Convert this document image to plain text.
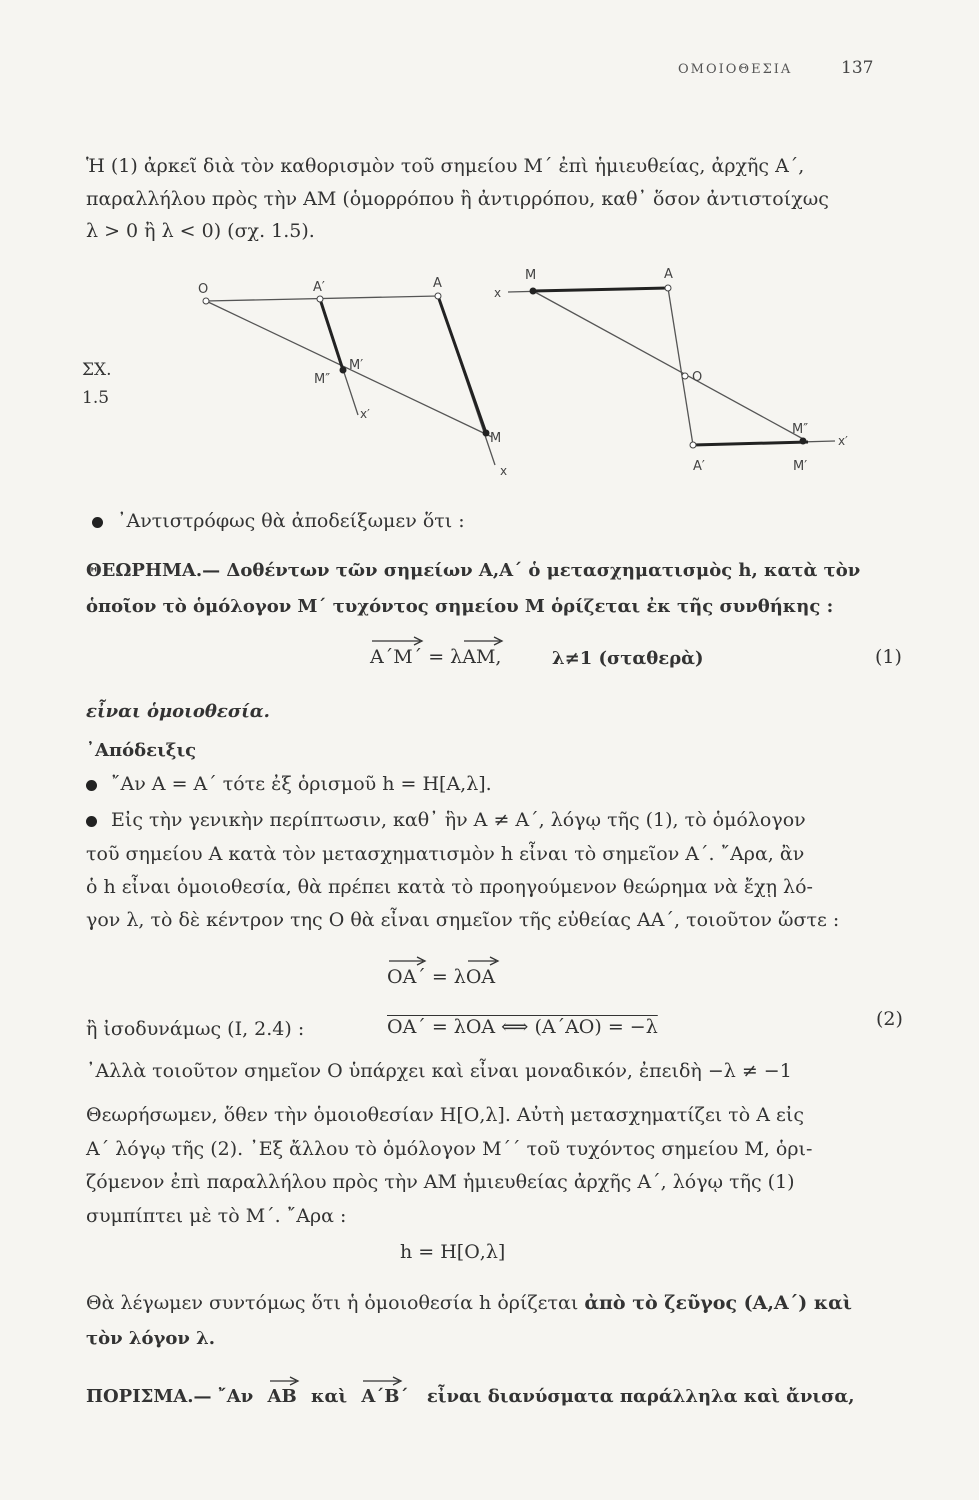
ΟΜΟΙΟΘΕΣΙΑ	137
Ἡ (1) ἀρκεῖ διὰ τὸν καθορισμὸν τοῦ σημείου Μ΄ ἐπὶ ἡμιευθείας, ἀρχῆς Α΄,
παραλλήλου πρὸς τὴν ΑΜ (ὁμορρόπου ἢ ἀντιρρόπου, καθ᾽ ὅσον ἀντιστοίχως
λ > 0 ἢ λ < 0) (σχ. 1.5).
ΣΧ.
1.5
O	A′	A
M″
M′
x′
M
x
x
M	A
O
M″
x′
A′	M′
᾽Αντιστρόφως θὰ ἀποδείξωμεν ὅτι :
ΘΕΩΡΗΜΑ.— Δοθέντων τῶν σημείων Α,Α΄ ὁ μετασχηματισμὸς h, κατὰ τὸν
ὁποῖον τὸ ὁμόλογον Μ΄ τυχόντος σημείου Μ ὁρίζεται ἐκ τῆς συνθήκης :
Α΄Μ΄ = λ
ΑΜ,	λ≠1 (σταθερὰ)	(1)
εἶναι ὁμοιοθεσία.
᾽Απόδειξις
῎Αν Α = Α΄ τότε ἐξ ὁρισμοῦ h = H[Α,λ].
Εἰς τὴν γενικὴν περίπτωσιν, καθ᾽ ἣν Α ≠ Α΄, λόγῳ τῆς (1), τὸ ὁμόλογον
τοῦ σημείου Α κατὰ τὸν μετασχηματισμὸν h εἶναι τὸ σημεῖον Α΄. ῎Αρα, ἂν
ὁ h εἶναι ὁμοιοθεσία, θὰ πρέπει κατὰ τὸ προηγούμενον θεώρημα νὰ ἔχῃ λό-
γον λ, τὸ δὲ κέντρον της Ο θὰ εἶναι σημεῖον τῆς εὐθείας ΑΑ΄, τοιοῦτον ὥστε :
ΟΑ΄ = λ
ΟΑ
ἢ ἰσοδυνάμως (Ι, 2.4) :	ΟΑ΄ = λΟΑ ⟺ (Α΄ΑΟ) = −λ	(2)
᾽Αλλὰ τοιοῦτον σημεῖον Ο ὑπάρχει καὶ εἶναι μοναδικόν, ἐπειδὴ −λ ≠ −1
Θεωρήσωμεν, ὅθεν τὴν ὁμοιοθεσίαν H[Ο,λ]. Αὐτὴ μετασχηματίζει τὸ Α εἰς
Α΄ λόγῳ τῆς (2). ᾽Εξ ἄλλου τὸ ὁμόλογον Μ΄΄ τοῦ τυχόντος σημείου Μ, ὁρι-
ζόμενον ἐπὶ παραλλήλου πρὸς τὴν ΑΜ ἡμιευθείας ἀρχῆς Α΄, λόγῳ τῆς (1)
συμπίπτει μὲ τὸ Μ΄. ῎Αρα :
h = H[Ο,λ]
Θὰ λέγωμεν συντόμως ὅτι ἡ ὁμοιοθεσία h ὁρίζεται ἀπὸ τὸ ζεῦγος (Α,Α΄) καὶ
τὸν λόγον λ.
ΠΟΡΙΣΜΑ.— ῎Αν ΑΒ καὶ Α΄Β΄ εἶναι διανύσματα παράλληλα καὶ ἄνισα,
